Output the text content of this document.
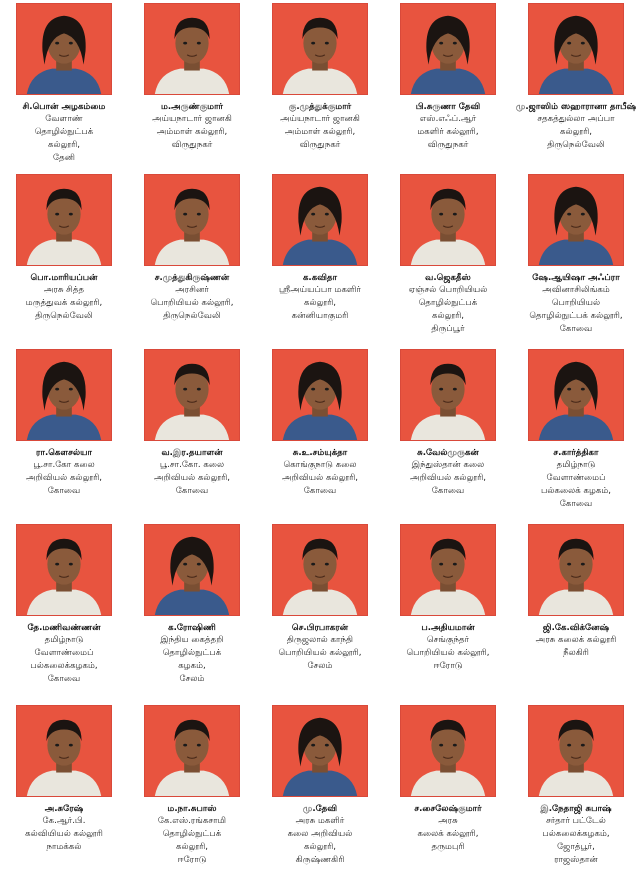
சி.பொன் அழகம்மை
வேளாண்
தொழில்நுட்பக்
கல்லூரி,
தேனி
ம.அருண்குமார்
அய்யநாடார் ஜானகி
அம்மாள் கல்லூரி,
விருதுநகர்
கு.முத்துக்குமார்
அய்யநாடார் ஜானகி
அம்மாள் கல்லூரி,
விருதுநகர்
பி.சுருணா தேவி
எஸ்.எஃப்.ஆர்
மகளிர் கல்லூரி,
விருதுநகர்
மு.ஜாஸிம் ஸஹாரானா தாபீஷ்
சதகத்துல்லா அப்பா
கல்லூரி,
திருநெல்வேலி
பொ.மாரியப்பன்
அரசு சித்த
மருத்துவக் கல்லூரி,
திருநெல்வேலி
ச.முத்துகிருஷ்ணன்
அரசினர்
பொறியியல் கல்லூரி,
திருநெல்வேலி
க.கவிதா
ஸ்ரீஅய்யப்பா மகளிர்
கல்லூரி,
கன்னியாகுமரி
வ.ஜெகதீஸ்
ஏஞ்சல் பொறியியல்
தொழில்நுட்பக்
கல்லூரி,
திருப்பூர்
ஷே.ஆயிஷா அஃப்ரா
அவினாசிலிங்கம்
பொறியியல்
தொழில்நுட்பக் கல்லூரி,
கோவை
ரா.கௌசல்யா
பூ.சா.கோ கலை
அறிவியல் கல்லூரி,
கோவை
வ.இர.தயாளன்
பூ.சா.கோ. கலை
அறிவியல் கல்லூரி,
கோவை
சு.உ.சம்யுக்தா
கொங்குநாடு கலை
அறிவியல் கல்லூரி,
கோவை
சு.வேல்முருகன்
இந்துஸ்தான் கலை
அறிவியல் கல்லூரி,
கோவை
ச.கார்த்திகா
தமிழ்நாடு
வேளாண்மைப்
பல்கலைக் கழகம்,
கோவை
தே.மணிவண்ணன்
தமிழ்நாடு
வேளாண்மைப்
பல்கலைக்கழகம்,
கோவை
க.ரோஷிணி
இந்திய கைத்தறி
தொழில்நுட்பக்
கழகம்,
சேலம்
செ.பிரபாகரன்
திருஜலால் காந்தி
பொறியியல் கல்லூரி,
சேலம்
ப.அதியமான்
செங்குந்தர்
பொறியியல் கல்லூரி,
ஈரோடு
ஜி.கே.விக்னேஷ்
அரசு கலைக் கல்லூரி
நீலகிரி
அ.சுரேஷ்
கே.ஆர்.பி.
கல்வியியல் கல்லூரி
நாமக்கல்
ம.நா.சுபாஸ்
கே.எஸ்.ரங்கசாமி
தொழில்நுட்பக்
கல்லூரி,
ஈரோடு
மு.தேவி
அரசு மகளிர்
கலை அறிவியல்
கல்லூரி,
கிருஷ்ணகிரி
ச.சைலேஷ்குமார்
அரசு
கலைக் கல்லூரி,
தருமபுரி
இ.நேதாஜி சுபாஷ்
சர்தார் பட்டேல்
பல்கலைக்கழகம்,
ஜோத்பூர்,
ராஜஸ்தான்
